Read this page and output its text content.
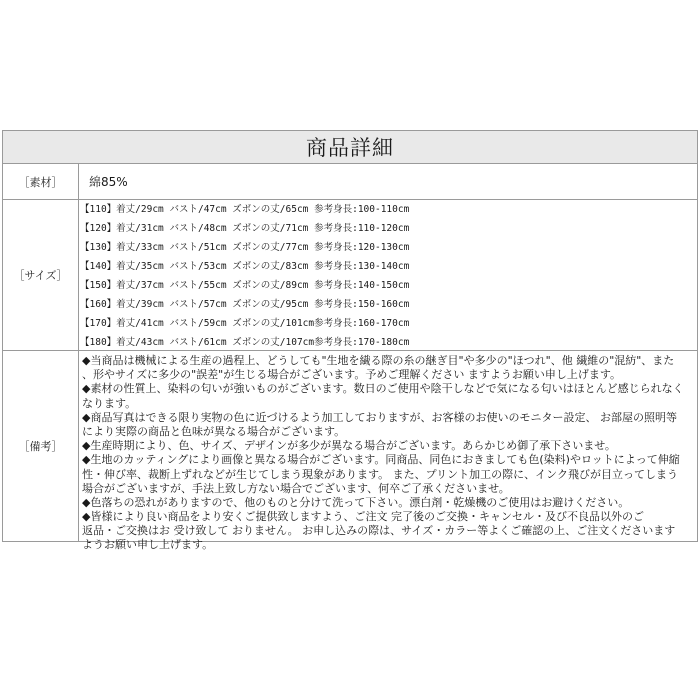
商品詳細
［素材］	綿85%
［サイズ］
【110】着丈/29cm バスト/47cm ズボンの丈/65cm 参考身長:100-110cm
【120】着丈/31cm バスト/48cm ズボンの丈/71cm 参考身長:110-120cm
【130】着丈/33cm バスト/51cm ズボンの丈/77cm 参考身長:120-130cm
【140】着丈/35cm バスト/53cm ズボンの丈/83cm 参考身長:130-140cm
【150】着丈/37cm バスト/55cm ズボンの丈/89cm 参考身長:140-150cm
【160】着丈/39cm バスト/57cm ズボンの丈/95cm 参考身長:150-160cm
【170】着丈/41cm バスト/59cm ズボンの丈/101cm参考身長:160-170cm
【180】着丈/43cm バスト/61cm ズボンの丈/107cm参考身長:170-180cm
［備考］
◆当商品は機械による生産の過程上、どうしても"生地を繊る際の糸の継ぎ目"や多少の"ほつれ"、他 繊維の"混紡"、また
、形やサイズに多少の"誤差"が生じる場合がございます。予めご理解ください ますようお願い申し上げます。
◆素材の性質上、染料の匂いが強いものがございます。数日のご使用や陰干しなどで気になる匂いはほとんど感じられなく
なります。
◆商品写真はできる限り実物の色に近づけるよう加工しておりますが、お客様のお使いのモニター設定、 お部屋の照明等
により実際の商品と色味が異なる場合がございます。
◆生産時期により、色、サイズ、デザインが多少が異なる場合がございます。あらかじめ御了承下さいませ。
◆生地のカッティングにより画像と異なる場合がございます。同商品、同色におきましても色(染料)やロットによって伸縮
性・伸び率、裁断上ずれなどが生じてしまう現象があります。 また、プリント加工の際に、インク飛びが目立ってしまう
場合がございますが、手法上致し方ない場合でございます、何卒ご了承くださいませ。
◆色落ちの恐れがありますので、他のものと分けて洗って下さい。漂白剤・乾燥機のご使用はお避けください。
◆皆様により良い商品をより安くご提供致しますよう、ご注文 完了後のご交換・キャンセル・及び不良品以外のご
返品・ご交換はお 受け致して おりません。 お申し込みの際は、サイズ・カラー等よくご確認の上、ご注文くださいます
ようお願い申し上げます。
